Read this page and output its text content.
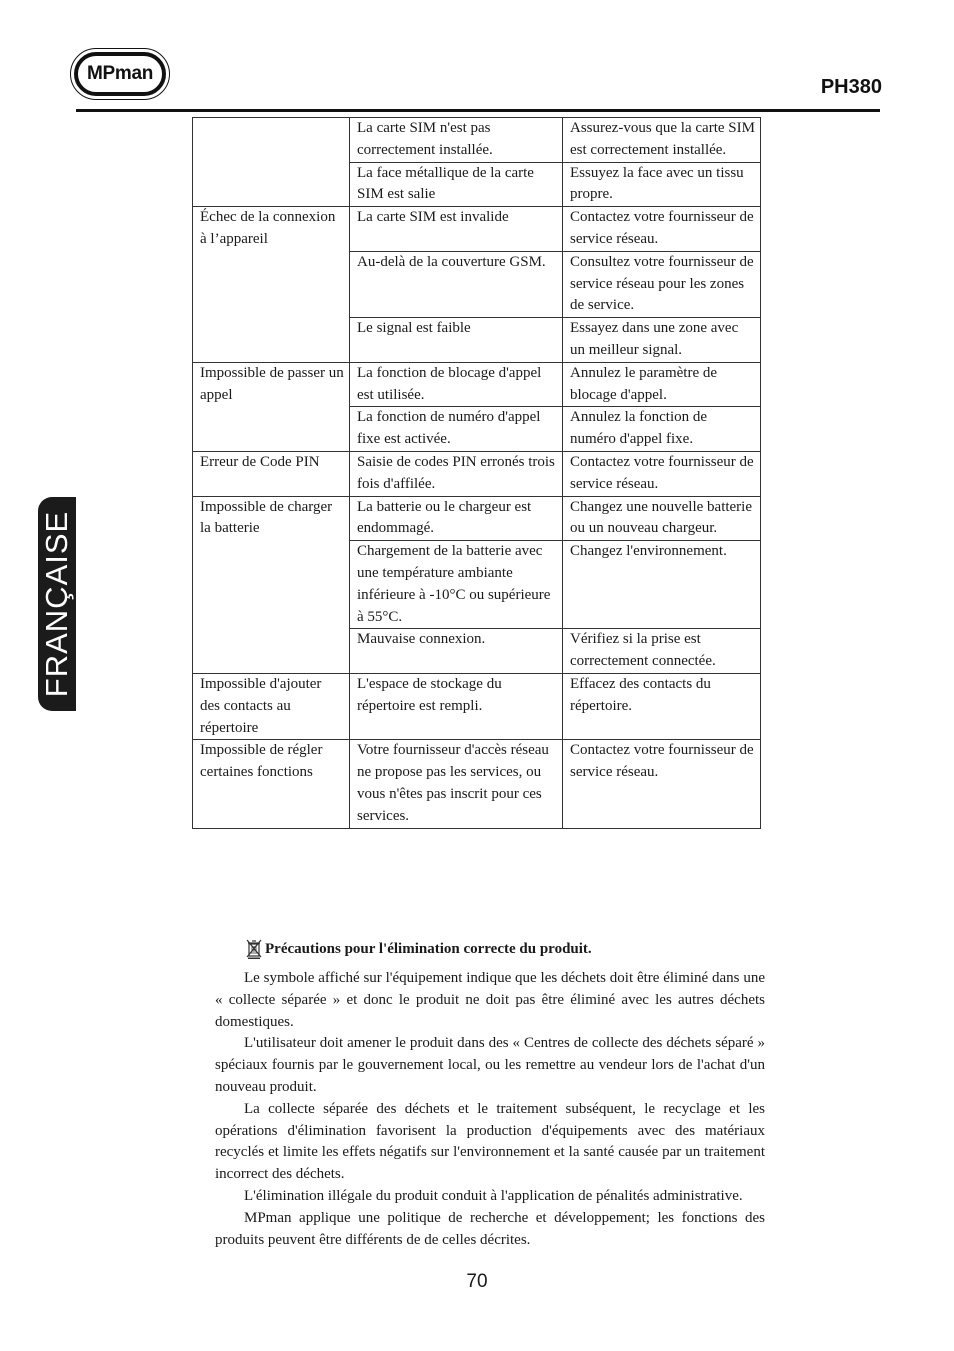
MPman
PH380
FRANÇAISE
	La carte SIM n'est pas correctement installée.	Assurez-vous que la carte SIM est correctement installée.
	La face métallique de la carte SIM est salie	Essuyez la face avec un tissu propre.
Échec de la connexion à l’appareil	La carte SIM est invalide	Contactez votre fournisseur de service réseau.
	Au-delà de la couverture GSM.	Consultez votre fournisseur de service réseau pour les zones de service.
	Le signal est faible	Essayez dans une zone avec un meilleur signal.
Impossible de passer un appel	La fonction de blocage d'appel est utilisée.	Annulez le paramètre de blocage d'appel.
	La fonction de numéro d'appel fixe est activée.	Annulez la fonction de numéro d'appel fixe.
Erreur de Code PIN	Saisie de codes PIN erronés trois fois d'affilée.	Contactez votre fournisseur de service réseau.
Impossible de charger la batterie	La batterie ou le chargeur est  endommagé.	Changez une nouvelle batterie ou un nouveau chargeur.
	Chargement de la batterie avec une température ambiante inférieure à -10°C ou supérieure à 55°C.	Changez l'environnement.
	Mauvaise connexion.	Vérifiez si la prise est correctement connectée.
Impossible d'ajouter des contacts au répertoire	L'espace de stockage du répertoire est rempli.	Effacez des contacts du répertoire.
Impossible de régler certaines fonctions	Votre fournisseur d'accès réseau ne propose pas les services, ou vous n'êtes pas inscrit pour ces services.	Contactez votre fournisseur de service réseau.
Précautions pour l'élimination correcte du produit.

Le symbole affiché sur l'équipement indique que les déchets doit être éliminé dans une « collecte séparée » et donc le produit ne doit pas être éliminé avec les autres déchets domestiques.

L'utilisateur doit amener le produit dans des « Centres de collecte des déchets séparé » spéciaux fournis par le gouvernement local, ou les remettre au vendeur lors de l'achat d'un nouveau produit.

La collecte séparée des déchets et le traitement subséquent, le recyclage et les opérations d'élimination favorisent la production d'équipements avec des matériaux recyclés et limite les effets négatifs sur l'environnement et la santé causée par un traitement incorrect des déchets.

L'élimination illégale du produit conduit à l'application de pénalités administrative.

MPman applique une politique de recherche et développement; les fonctions des produits peuvent être différents de de celles décrites.

70
